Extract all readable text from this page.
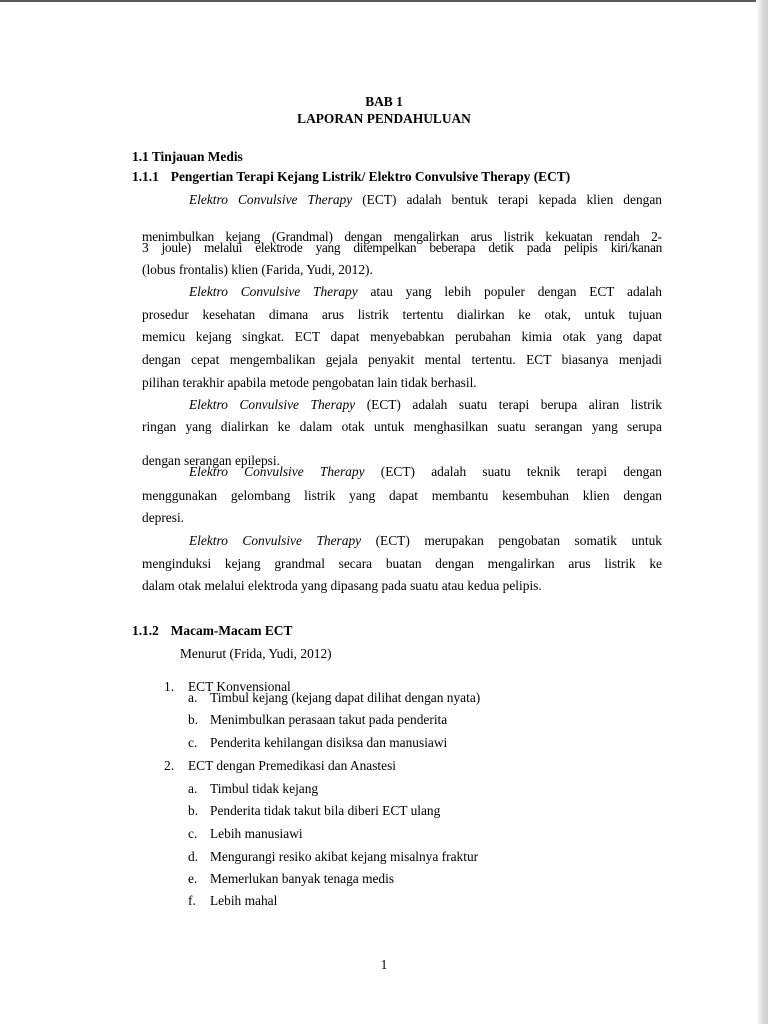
BAB 1
LAPORAN PENDAHULUAN
1.1 Tinjauan Medis
1.1.1 Pengertian Terapi Kejang Listrik/ Elektro Convulsive Therapy (ECT)
Elektro Convulsive Therapy (ECT) adalah bentuk terapi kepada klien dengan
menimbulkan kejang (Grandmal) dengan mengalirkan arus listrik kekuatan rendah 2-
3 joule) melalui elektrode yang ditempelkan beberapa detik pada pelipis kiri/kanan
(lobus frontalis) klien (Farida, Yudi, 2012).
Elektro Convulsive Therapy atau yang lebih populer dengan ECT adalah
prosedur kesehatan dimana arus listrik tertentu dialirkan ke otak, untuk tujuan
memicu kejang singkat. ECT dapat menyebabkan perubahan kimia otak yang dapat
dengan cepat mengembalikan gejala penyakit mental tertentu. ECT biasanya menjadi
pilihan terakhir apabila metode pengobatan lain tidak berhasil.
Elektro Convulsive Therapy (ECT) adalah suatu terapi berupa aliran listrik
ringan yang dialirkan ke dalam otak untuk menghasilkan suatu serangan yang serupa
dengan serangan epilepsi.
Elektro Convulsive Therapy (ECT) adalah suatu teknik terapi dengan
menggunakan gelombang listrik yang dapat membantu kesembuhan klien dengan
depresi.
Elektro Convulsive Therapy (ECT) merupakan pengobatan somatik untuk
menginduksi kejang grandmal secara buatan dengan mengalirkan arus listrik ke
dalam otak melalui elektroda yang dipasang pada suatu atau kedua pelipis.
1.1.2 Macam-Macam ECT
Menurut (Frida, Yudi, 2012)
1. ECT Konvensional
a. Timbul kejang (kejang dapat dilihat dengan nyata)
b. Menimbulkan perasaan takut pada penderita
c. Penderita kehilangan disiksa dan manusiawi
2. ECT dengan Premedikasi dan Anastesi
a. Timbul tidak kejang
b. Penderita tidak takut bila diberi ECT ulang
c. Lebih manusiawi
d. Mengurangi resiko akibat kejang misalnya fraktur
e. Memerlukan banyak tenaga medis
f. Lebih mahal
1
